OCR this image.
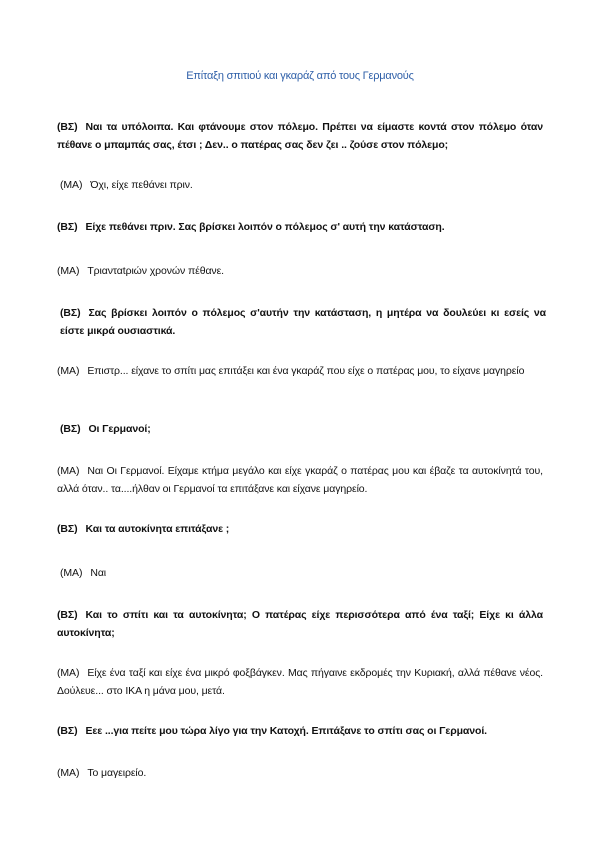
Επίταξη σπιτιού και γκαράζ από τους Γερμανούς
(ΒΣ) Ναι τα υπόλοιπα. Και φτάνουμε στον πόλεμο. Πρέπει να είμαστε κοντά στον πόλεμο όταν πέθανε ο μπαμπάς σας, έτσι ; Δεν.. ο πατέρας σας δεν ζει .. ζούσε στον πόλεμο;
(ΜΑ) Όχι, είχε πεθάνει πριν.
(ΒΣ) Είχε πεθάνει πριν. Σας βρίσκει λοιπόν ο πόλεμος σ' αυτή την κατάσταση.
(ΜΑ) Τριανταtριών χρονών πέθανε.
(ΒΣ) Σας βρίσκει λοιπόν ο πόλεμος σ'αυτήν την κατάσταση, η μητέρα να δουλεύει κι εσείς να είστε μικρά ουσιαστικά.
(ΜΑ) Επιστρ... είχανε το σπίτι μας επιτάξει και ένα γκαράζ που είχε ο πατέρας μου, το είχανε μαγηρείο
(ΒΣ) Οι Γερμανοί;
(ΜΑ) Ναι Οι Γερμανοί. Είχαμε κτήμα μεγάλο και είχε γκαράζ ο πατέρας μου και έβαζε τα αυτοκίνητά του, αλλά όταν.. τα....ήλθαν οι Γερμανοί τα επιτάξανε και είχανε μαγηρείο.
(ΒΣ) Και τα αυτοκίνητα επιτάξανε ;
(ΜΑ) Ναι
(ΒΣ) Και το σπίτι και τα αυτοκίνητα; Ο πατέρας είχε περισσότερα από ένα ταξί; Είχε κι άλλα αυτοκίνητα;
(ΜΑ) Είχε ένα ταξί και είχε ένα μικρό φοξβάγκεν. Μας πήγαινε εκδρομές την Κυριακή, αλλά πέθανε νέος. Δούλευε... στο ΙΚΑ η μάνα μου, μετά.
(ΒΣ) Εεε ...για πείτε μου τώρα λίγο για την Κατοχή. Επιτάξανε το σπίτι σας οι Γερμανοί.
(ΜΑ) Το μαγειρείο.
